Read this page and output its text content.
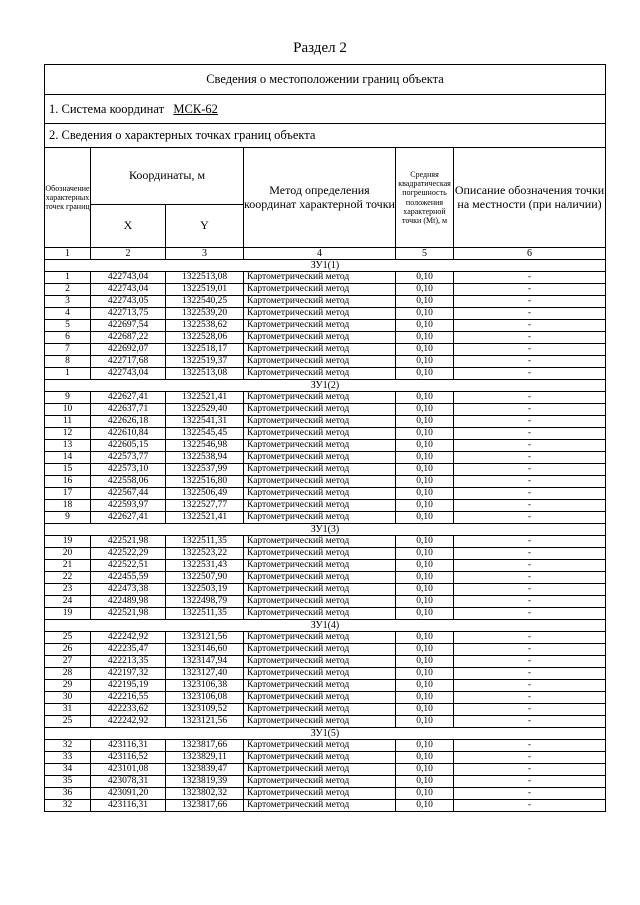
Раздел 2
Сведения о местоположении границ объекта					
1. Система координат МСК-62					
2. Сведения о характерных точках границ объекта					
Обозначение характерных точек границ	Координаты, м		Метод определения координат характерной точки	Средняя квадратическая погрешность положения характерной точки (Mt), м	Описание обозначения точки на местности (при наличии)
	X	Y			
1	2	3	4	5	6
ЗУ1(1)					
1	422743,04	1322513,08	Картометрический метод	0,10	-
2	422743,04	1322519,01	Картометрический метод	0,10	-
3	422743,05	1322540,25	Картометрический метод	0,10	-
4	422713,75	1322539,20	Картометрический метод	0,10	-
5	422697,54	1322538,62	Картометрический метод	0,10	-
6	422687,22	1322528,06	Картометрический метод	0,10	-
7	422692,07	1322518,17	Картометрический метод	0,10	-
8	422717,68	1322519,37	Картометрический метод	0,10	-
1	422743,04	1322513,08	Картометрический метод	0,10	-
ЗУ1(2)					
9	422627,41	1322521,41	Картометрический метод	0,10	-
10	422637,71	1322529,40	Картометрический метод	0,10	-
11	422626,18	1322541,31	Картометрический метод	0,10	-
12	422610,84	1322545,45	Картометрический метод	0,10	-
13	422605,15	1322546,98	Картометрический метод	0,10	-
14	422573,77	1322538,94	Картометрический метод	0,10	-
15	422573,10	1322537,99	Картометрический метод	0,10	-
16	422558,06	1322516,80	Картометрический метод	0,10	-
17	422567,44	1322506,49	Картометрический метод	0,10	-
18	422593,97	1322527,77	Картометрический метод	0,10	-
9	422627,41	1322521,41	Картометрический метод	0,10	-
ЗУ1(3)					
19	422521,98	1322511,35	Картометрический метод	0,10	-
20	422522,29	1322523,22	Картометрический метод	0,10	-
21	422522,51	1322531,43	Картометрический метод	0,10	-
22	422455,59	1322507,90	Картометрический метод	0,10	-
23	422473,38	1322503,19	Картометрический метод	0,10	-
24	422489,98	1322498,79	Картометрический метод	0,10	-
19	422521,98	1322511,35	Картометрический метод	0,10	-
ЗУ1(4)					
25	422242,92	1323121,56	Картометрический метод	0,10	-
26	422235,47	1323146,60	Картометрический метод	0,10	-
27	422213,35	1323147,94	Картометрический метод	0,10	-
28	422197,32	1323127,40	Картометрический метод	0,10	-
29	422195,19	1323106,38	Картометрический метод	0,10	-
30	422216,55	1323106,08	Картометрический метод	0,10	-
31	422233,62	1323109,52	Картометрический метод	0,10	-
25	422242,92	1323121,56	Картометрический метод	0,10	-
ЗУ1(5)					
32	423116,31	1323817,66	Картометрический метод	0,10	-
33	423116,52	1323829,11	Картометрический метод	0,10	-
34	423101,08	1323839,47	Картометрический метод	0,10	-
35	423078,31	1323819,39	Картометрический метод	0,10	-
36	423091,20	1323802,32	Картометрический метод	0,10	-
32	423116,31	1323817,66	Картометрический метод	0,10	-
